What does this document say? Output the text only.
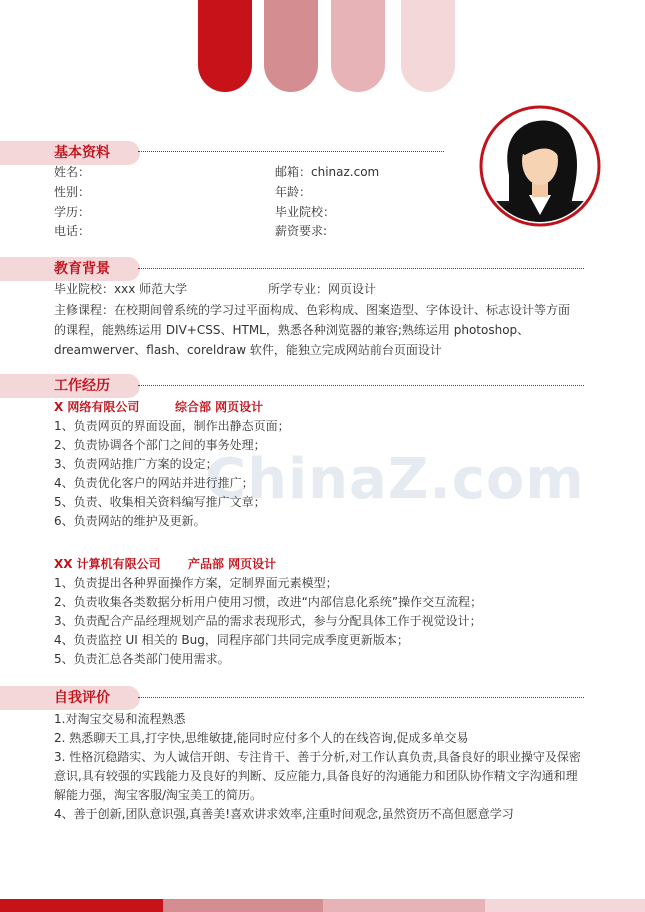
ChinaZ.com
基本资料
姓名：	邮箱：chinaz.com
性别：	年龄：
学历：	毕业院校：
电话：	薪资要求:
教育背景
毕业院校：xxx 师范大学	所学专业：网页设计

主修课程：在校期间曾系统的学习过平面构成、色彩构成、图案造型、字体设计、标志设计等方面

的课程，能熟练运用 DIV+CSS、HTML，熟悉各种浏览器的兼容;熟练运用 photoshop、

dreamwerver、flash、coreldraw 软件，能独立完成网站前台页面设计

工作经历
X 网络有限公司	综合部 网页设计

1、负责网页的界面设面，制作出静态页面；

2、负责协调各个部门之间的事务处理；

3、负责网站推广方案的设定；

4、负责优化客户的网站并进行推广；

5、负责、收集相关资料编写推广文章；

6、负责网站的维护及更新。

XX 计算机有限公司 产品部 网页设计

1、负责提出各种界面操作方案，定制界面元素模型；

2、负责收集各类数据分析用户使用习惯，改进“内部信息化系统”操作交互流程；

3、负责配合产品经理规划产品的需求表现形式，参与分配具体工作于视觉设计；

4、负责监控 UI 相关的 Bug，同程序部门共同完成季度更新版本；

5、负责汇总各类部门使用需求。

自我评价

1.对淘宝交易和流程熟悉

2. 熟悉聊天工具,打字快,思维敏捷,能同时应付多个人的在线咨询,促成多单交易

3. 性格沉稳踏实、为人诚信开朗、专注肯干、善于分析,对工作认真负责,具备良好的职业操守及保密

意识,具有较强的实践能力及良好的判断、反应能力,具备良好的沟通能力和团队协作精文字沟通和理

解能力强，淘宝客服/淘宝美工的简历。

4、善于创新,团队意识强,真善美!喜欢讲求效率,注重时间观念,虽然资历不高但愿意学习
